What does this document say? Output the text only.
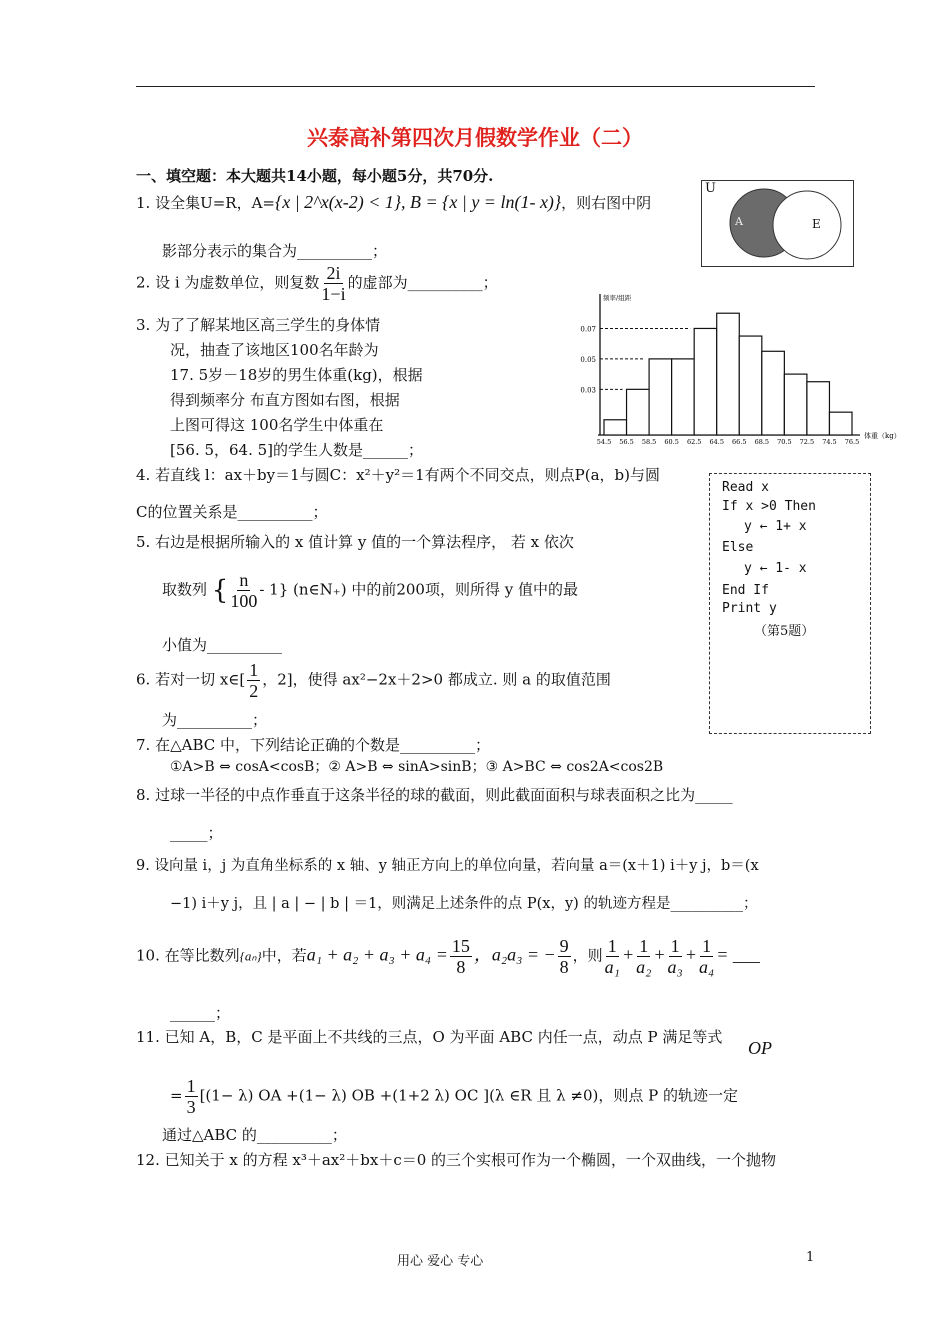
兴泰高补第四次月假数学作业（二）
一、填空题：本大题共14小题，每小题5分，共70分.
1. 设全集U=R，A={x | 2^x(x-2) < 1}, B = {x | y = ln(1- x)}，则右图中阴
影部分表示的集合为__________；
U
A	E
2. 设 i 为虚数单位，则复数 $\frac{2i}{1-i}$ 的虚部为__________；
3. 为了了解某地区高三学生的身体情
况，抽查了该地区100名年龄为
17. 5岁－18岁的男生体重(kg)，根据
得到频率分 布直方图如右图，根据
上图可得这 100名学生中体重在
[56. 5，64. 5]的学生人数是______；
0.07
0.05
0.03
54.5 56.5 58.5 60.5 62.5 64.5 66.5 68.5 70.5 72.5 74.5 76.5
体重（kg）
频率/组距
4. 若直线 l：ax＋by＝1与圆C：x²＋y²＝1有两个不同交点，则点P(a，b)与圆
C的位置关系是__________；
5. 右边是根据所输入的 x 值计算 y 值的一个算法程序， 若 x 依次
取数列 { $\frac{n}{100} - 1$} (n∈N₊) 中的前200项，则所得 y 值中的最
小值为__________
Read x
If x >0 Then
y ← 1+ x
Else
y ← 1- x
End If
Print y
（第5题）
6. 若对一切 x∈[ $\frac{1}{2}$ ，2]，使得 ax²−2x＋2>0 都成立. 则 a 的取值范围
为__________；
7. 在△ABC 中，下列结论正确的个数是__________；
①A>B ⇔ cosA<cosB；② A>B ⇔ sinA>sinB；③ A>BC ⇔ cos2A<cos2B
8. 过球一半径的中点作垂直于这条半径的球的截面，则此截面面积与球表面积之比为_____
_____；
9. 设向量 i，j 为直角坐标系的 x 轴、y 轴正方向上的单位向量，若向量 a＝(x＋1) i＋y j，b＝(x
−1) i＋y j，且 | a | − | b | ＝1，则满足上述条件的点 P(x，y) 的轨迹方程是__________；
10. 在等比数列{aₙ}中，若$a_1 + a_2 + a_3 + a_4 = \frac{15}{8}$ ，a₂a₃ = − $\frac{9}{8}$ ，则 $\frac{1}{\text{a₁}} + \frac{1}{\text{a₂}} + \frac{1}{\text{a₃}} + \frac{1}{\text{a₄}}$ = ___
______；
11. 已知 A，B，C 是平面上不共线的三点，O 为平面 ABC 内任一点，动点 P 满足等式
OP
= $\frac{1}{3} [(1- \lambda)$ OA +(1− λ) OB +(1+2 λ) OC ](λ ∈R 且 λ ≠0)，则点 P 的轨迹一定
通过△ABC 的__________；
12. 已知关于 x 的方程 x³＋ax²＋bx＋c＝0 的三个实根可作为一个椭圆，一个双曲线，一个抛物
用心 爱心 专心	1
